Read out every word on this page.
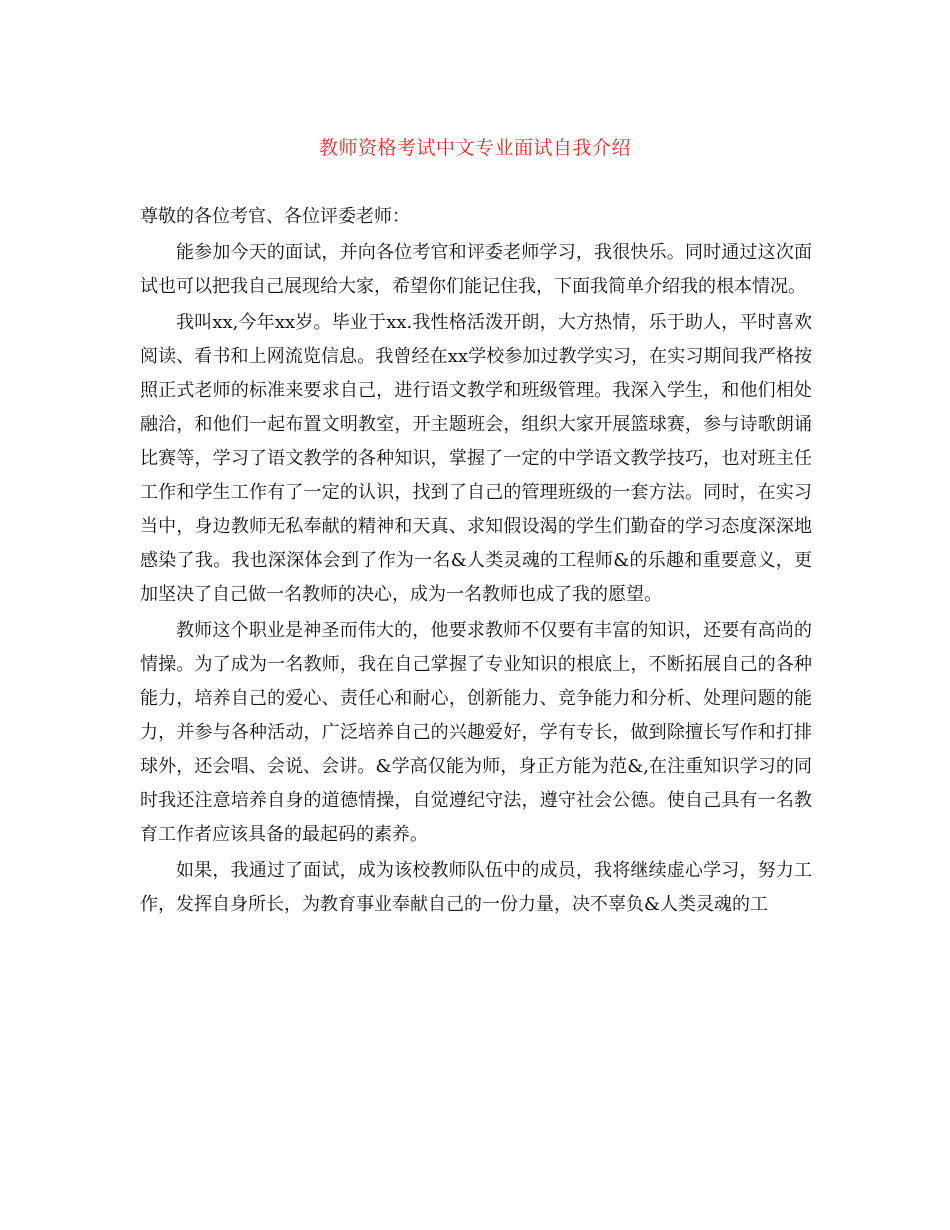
教师资格考试中文专业面试自我介绍

尊敬的各位考官、各位评委老师：

能参加今天的面试，并向各位考官和评委老师学习，我很快乐。同时通过这次面试也可以把我自己展现给大家，希望你们能记住我，下面我简单介绍我的根本情况。

我叫xx,今年xx岁。毕业于xx.我性格活泼开朗，大方热情，乐于助人，平时喜欢阅读、看书和上网流览信息。我曾经在xx学校参加过教学实习，在实习期间我严格按照正式老师的标准来要求自己，进行语文教学和班级管理。我深入学生，和他们相处融洽，和他们一起布置文明教室，开主题班会，组织大家开展篮球赛，参与诗歌朗诵比赛等，学习了语文教学的各种知识，掌握了一定的中学语文教学技巧，也对班主任工作和学生工作有了一定的认识，找到了自己的管理班级的一套方法。同时，在实习当中，身边教师无私奉献的精神和天真、求知假设渴的学生们勤奋的学习态度深深地感染了我。我也深深体会到了作为一名&人类灵魂的工程师&的乐趣和重要意义，更加坚决了自己做一名教师的决心，成为一名教师也成了我的愿望。

教师这个职业是神圣而伟大的，他要求教师不仅要有丰富的知识，还要有高尚的情操。为了成为一名教师，我在自己掌握了专业知识的根底上，不断拓展自己的各种能力，培养自己的爱心、责任心和耐心，创新能力、竞争能力和分析、处理问题的能力，并参与各种活动，广泛培养自己的兴趣爱好，学有专长，做到除擅长写作和打排球外，还会唱、会说、会讲。&学高仅能为师，身正方能为范&,在注重知识学习的同时我还注意培养自身的道德情操，自觉遵纪守法，遵守社会公德。使自己具有一名教育工作者应该具备的最起码的素养。

如果，我通过了面试，成为该校教师队伍中的成员，我将继续虚心学习，努力工作，发挥自身所长，为教育事业奉献自己的一份力量，决不辜负&人类灵魂的工
